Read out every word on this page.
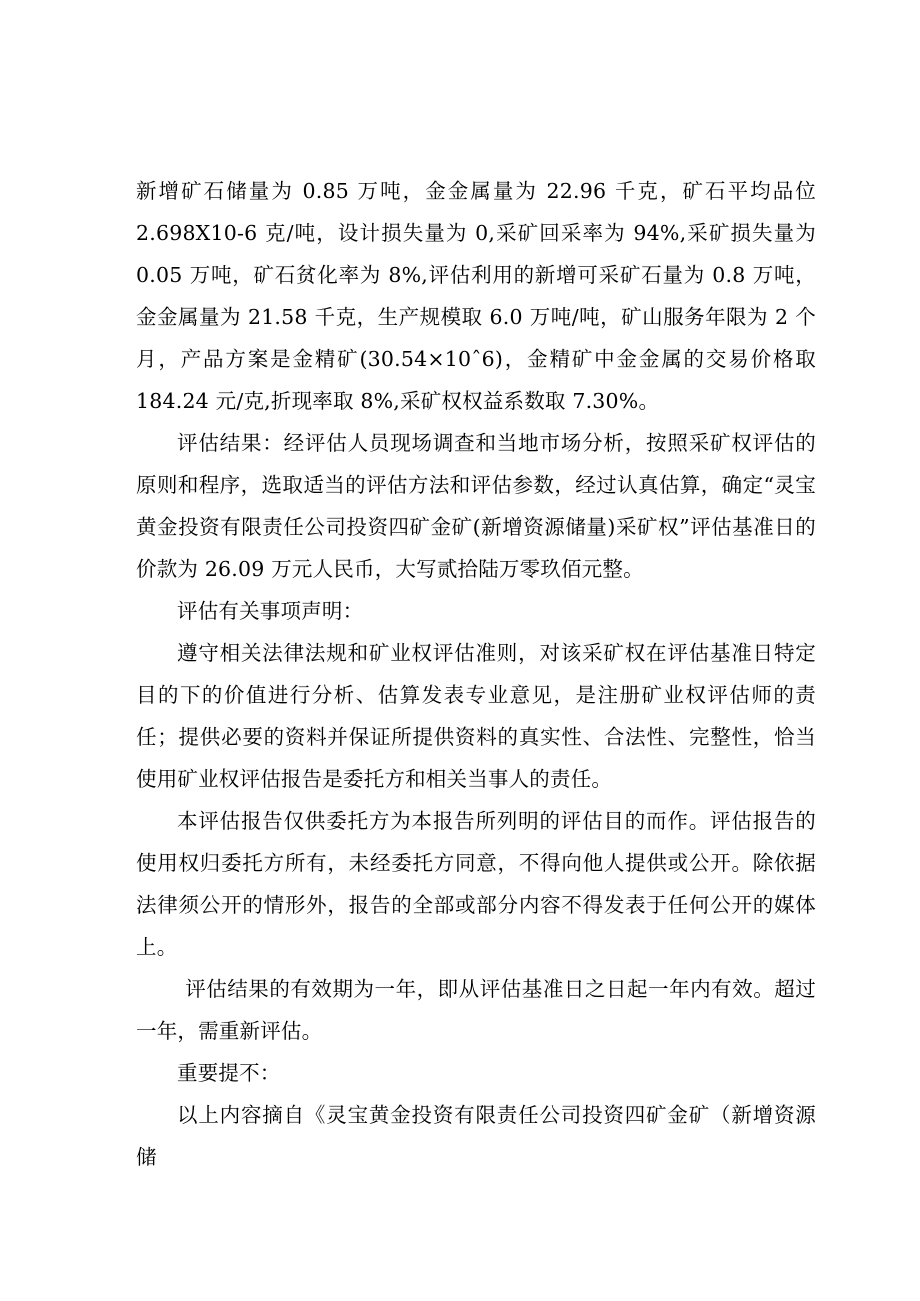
新增矿石储量为 0.85 万吨，金金属量为 22.96 千克，矿石平均品位 2.698X10-6 克/吨，设计损失量为 0,采矿回采率为 94%,采矿损失量为 0.05 万吨，矿石贫化率为 8%,评估利用的新增可采矿石量为 0.8 万吨，金金属量为 21.58 千克，生产规模取 6.0 万吨/吨，矿山服务年限为 2 个月，产品方案是金精矿(30.54×10ˆ6)，金精矿中金金属的交易价格取 184.24 元/克,折现率取 8%,采矿权权益系数取 7.30%。

评估结果：经评估人员现场调查和当地市场分析，按照采矿权评估的原则和程序，选取适当的评估方法和评估参数，经过认真估算，确定“灵宝黄金投资有限责任公司投资四矿金矿(新增资源储量)采矿权”评估基准日的价款为 26.09 万元人民币，大写贰拾陆万零玖佰元整。

评估有关事项声明：

遵守相关法律法规和矿业权评估准则，对该采矿权在评估基准日特定目的下的价值进行分析、估算发表专业意见，是注册矿业权评估师的责任；提供必要的资料并保证所提供资料的真实性、合法性、完整性，恰当使用矿业权评估报告是委托方和相关当事人的责任。

本评估报告仅供委托方为本报告所列明的评估目的而作。评估报告的使用权归委托方所有，未经委托方同意，不得向他人提供或公开。除依据法律须公开的情形外，报告的全部或部分内容不得发表于任何公开的媒体上。

评估结果的有效期为一年，即从评估基准日之日起一年内有效。超过一年，需重新评估。

重要提不：

以上内容摘自《灵宝黄金投资有限责任公司投资四矿金矿（新增资源储
